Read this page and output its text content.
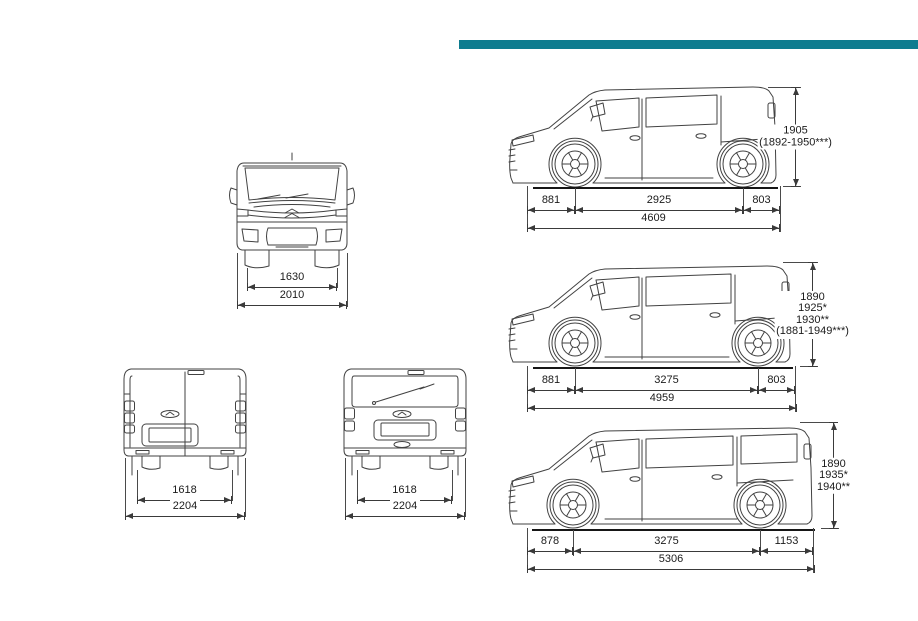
1630
2010
1618
2204
1618
2204
1905
(1892-1950***)
881	2925	803
4609
1890
1925*
1930**
(1881-1949***)
881	3275	803
4959
1890
1935*
1940**
878	3275	1153
5306
